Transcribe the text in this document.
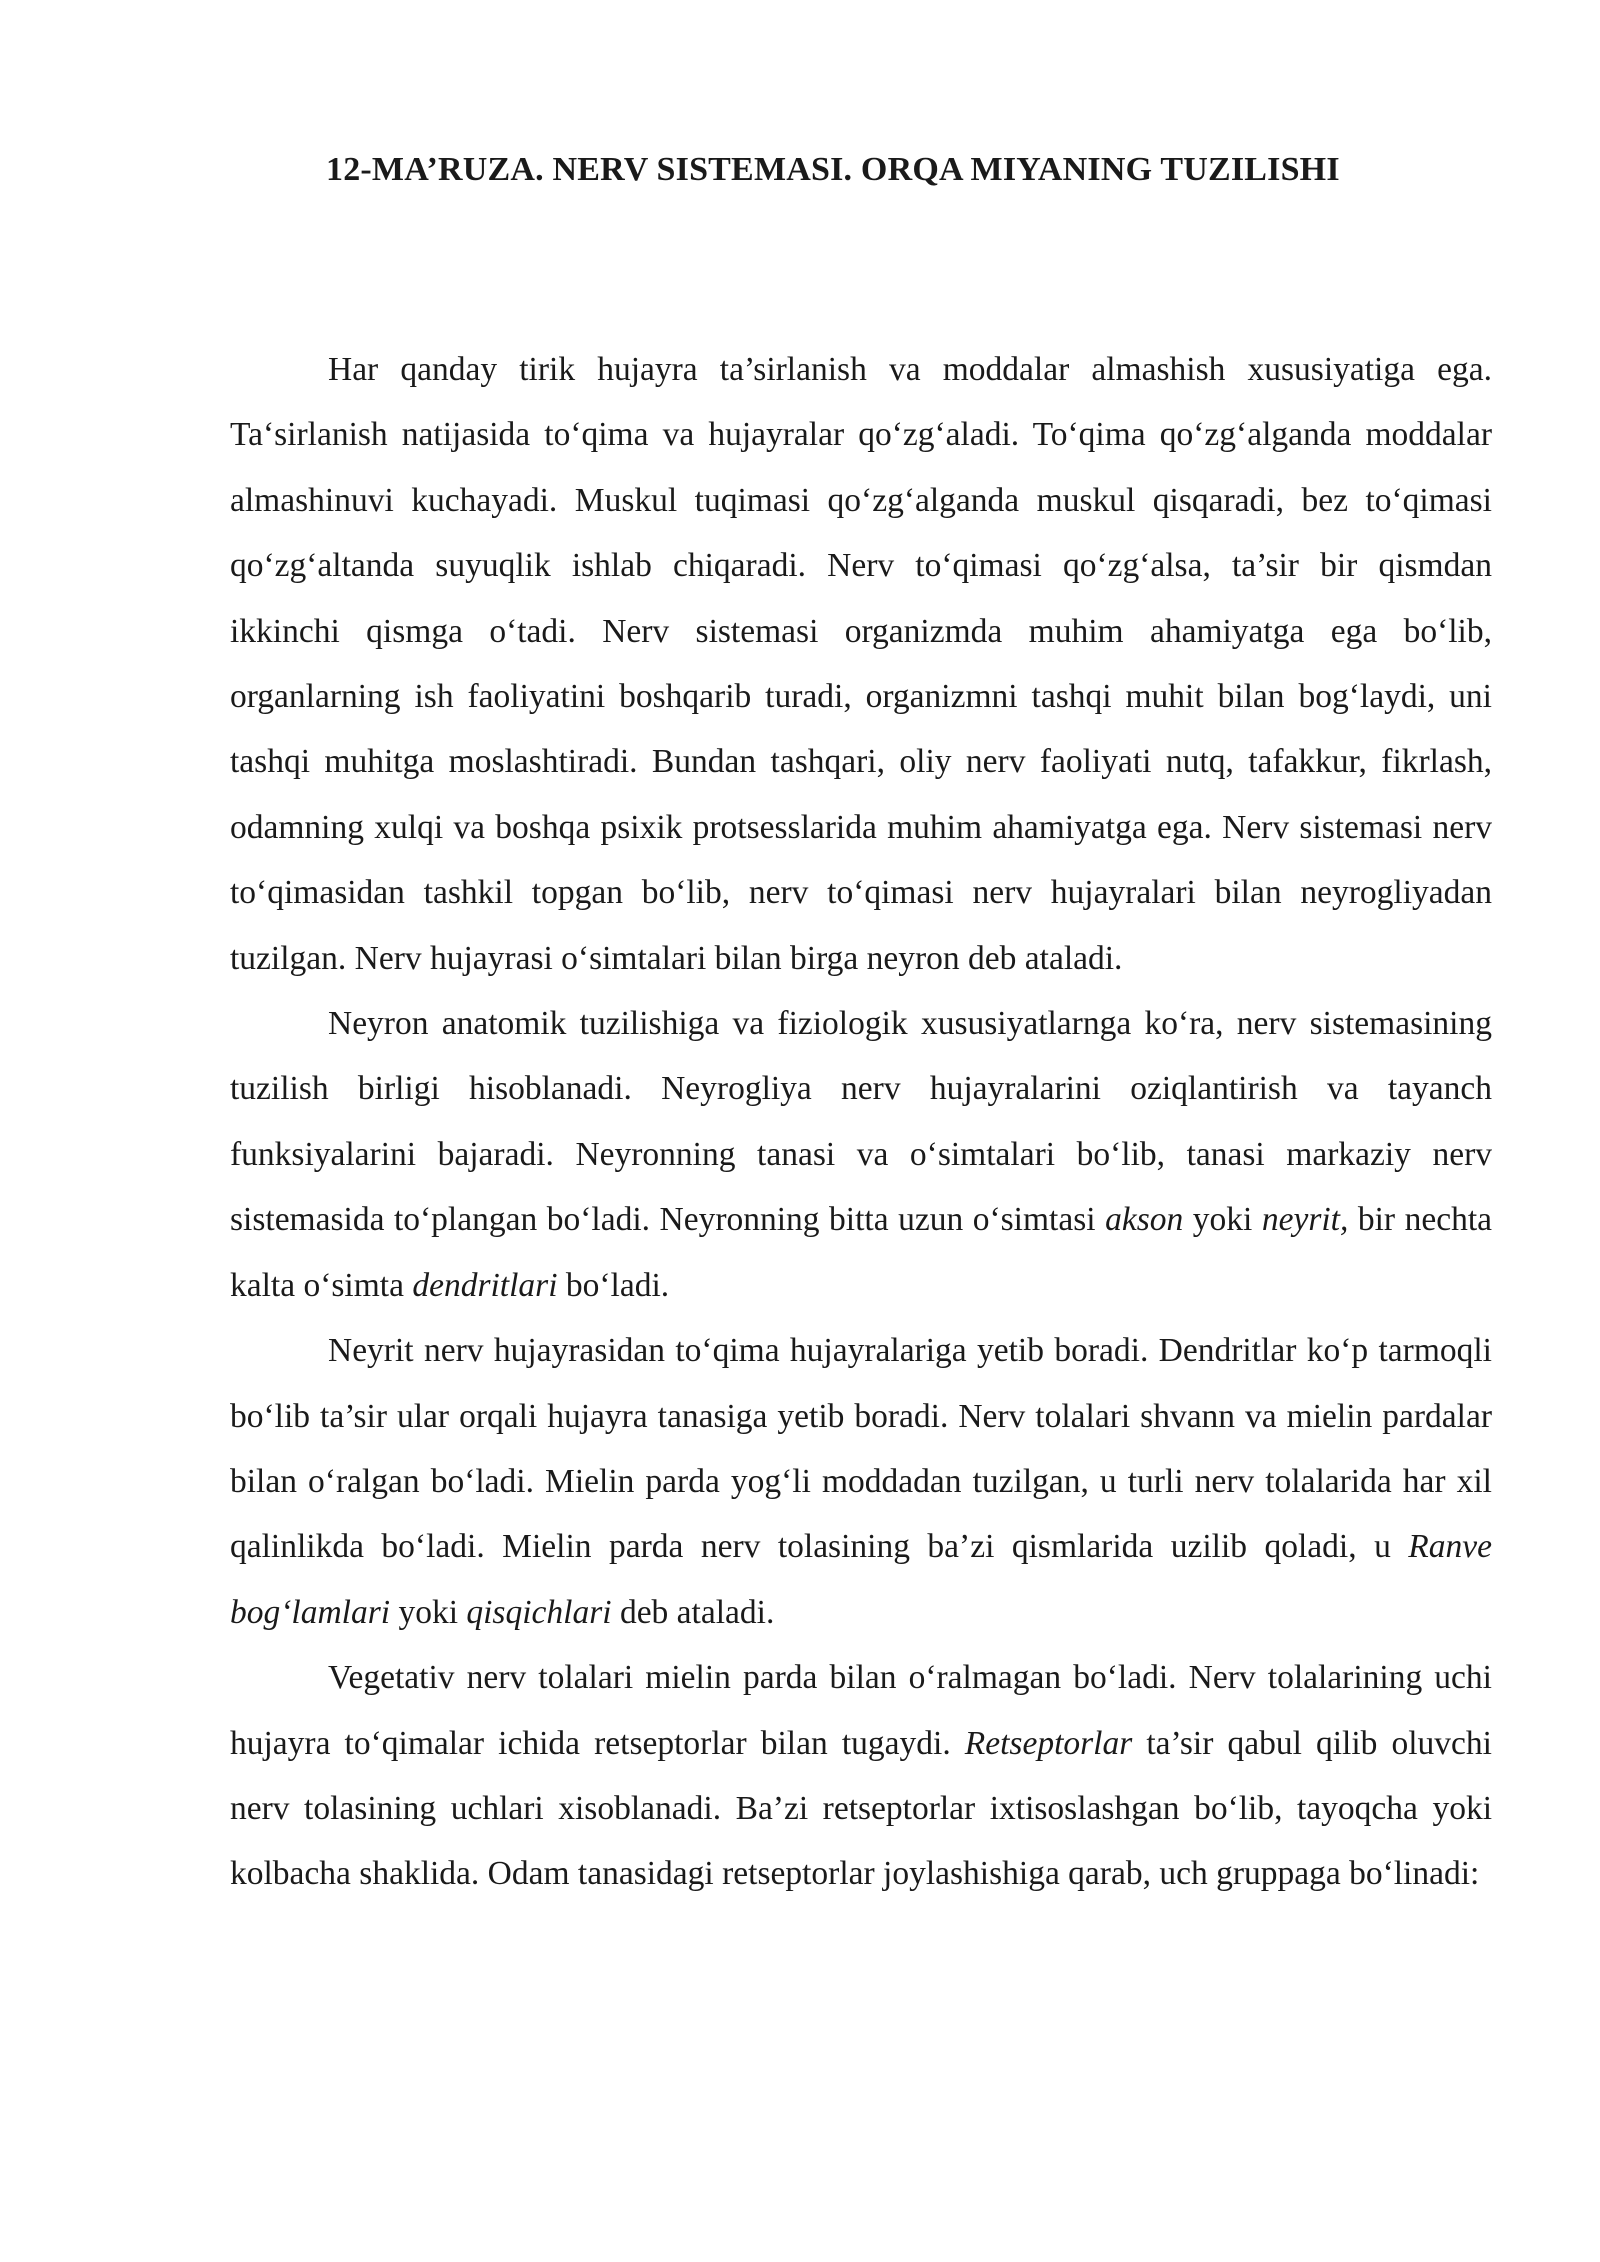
12-MA’RUZA. NERV SISTEMASI. ORQA MIYANING TUZILISHI

Har qanday tirik hujayra ta’sirlanish va moddalar almashish xususiyatiga ega. Ta‘sirlanish natijasida to‘qima va hujayralar qo‘zg‘aladi. To‘qima qo‘zg‘alganda moddalar almashinuvi kuchayadi. Muskul tuqimasi qo‘zg‘alganda muskul qisqaradi, bez to‘qimasi qo‘zg‘altanda suyuqlik ishlab chiqaradi. Nerv to‘qimasi qo‘zg‘alsa, ta’sir bir qismdan ikkinchi qismga o‘tadi. Nerv sistemasi organizmda muhim ahamiyatga ega bo‘lib, organlarning ish faoliyatini boshqarib turadi, organizmni tashqi muhit bilan bog‘laydi, uni tashqi muhitga moslashtiradi. Bundan tashqari, oliy nerv faoliyati nutq, tafakkur, fikrlash, odamning xulqi va boshqa psixik protsesslarida muhim ahamiyatga ega. Nerv sistemasi nerv to‘qimasidan tashkil topgan bo‘lib, nerv to‘qimasi nerv hujayralari bilan neyrogliyadan tuzilgan. Nerv hujayrasi o‘simtalari bilan birga neyron deb ataladi.

Neyron anatomik tuzilishiga va fiziologik xususiyatlarnga ko‘ra, nerv sistemasining tuzilish birligi hisoblanadi. Neyrogliya nerv hujayralarini oziqlantirish va tayanch funksiyalarini bajaradi. Neyronning tanasi va o‘simtalari bo‘lib, tanasi markaziy nerv sistemasida to‘plangan bo‘ladi. Neyronning bitta uzun o‘simtasi akson yoki neyrit, bir nechta kalta o‘simta dendritlari bo‘ladi.

Neyrit nerv hujayrasidan to‘qima hujayralariga yetib boradi. Dendritlar ko‘p tarmoqli bo‘lib ta’sir ular orqali hujayra tanasiga yetib boradi. Nerv tolalari shvann va mielin pardalar bilan o‘ralgan bo‘ladi. Mielin parda yog‘li moddadan tuzilgan, u turli nerv tolalarida har xil qalinlikda bo‘ladi. Mielin parda nerv tolasining ba’zi qismlarida uzilib qoladi, u Ranve bog‘lamlari yoki qisqichlari deb ataladi.

Vegetativ nerv tolalari mielin parda bilan o‘ralmagan bo‘ladi. Nerv tolalarining uchi hujayra to‘qimalar ichida retseptorlar bilan tugaydi. Retseptorlar ta’sir qabul qilib oluvchi nerv tolasining uchlari xisoblanadi. Ba’zi retseptorlar ixtisoslashgan bo‘lib, tayoqcha yoki kolbacha shaklida. Odam tanasidagi retseptorlar joylashishiga qarab, uch gruppaga bo‘linadi:
